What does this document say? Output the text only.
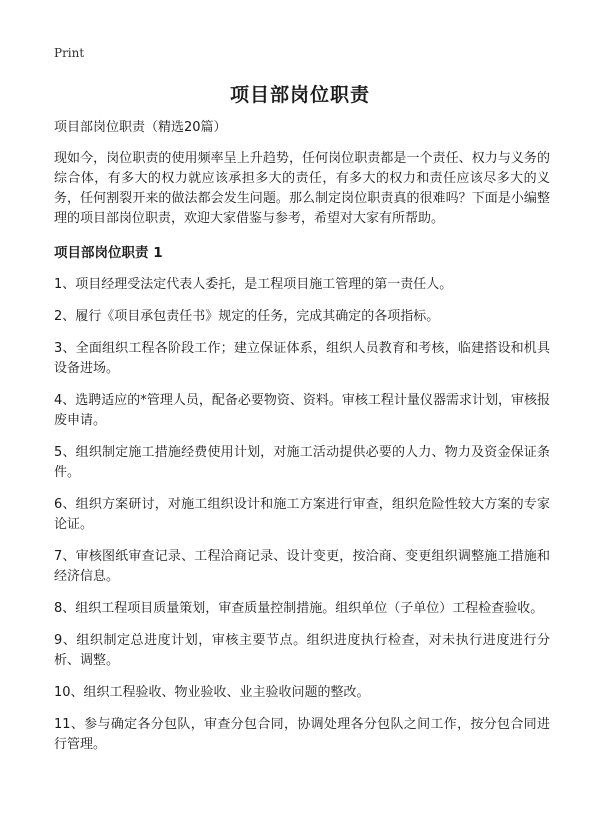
Print
项目部岗位职责

项目部岗位职责（精选20篇）

现如今，岗位职责的使用频率呈上升趋势，任何岗位职责都是一个责任、权力与义务的综合体，有多大的权力就应该承担多大的责任，有多大的权力和责任应该尽多大的义务，任何割裂开来的做法都会发生问题。那么制定岗位职责真的很难吗？下面是小编整理的项目部岗位职责，欢迎大家借鉴与参考，希望对大家有所帮助。

项目部岗位职责 1

1、项目经理受法定代表人委托，是工程项目施工管理的第一责任人。

2、履行《项目承包责任书》规定的任务，完成其确定的各项指标。

3、全面组织工程各阶段工作；建立保证体系，组织人员教育和考核，临建搭设和机具设备进场。

4、选聘适应的*管理人员，配备必要物资、资料。审核工程计量仪器需求计划，审核报废申请。

5、组织制定施工措施经费使用计划，对施工活动提供必要的人力、物力及资金保证条件。

6、组织方案研讨，对施工组织设计和施工方案进行审查，组织危险性较大方案的专家论证。

7、审核图纸审查记录、工程洽商记录、设计变更，按洽商、变更组织调整施工措施和经济信息。

8、组织工程项目质量策划，审查质量控制措施。组织单位（子单位）工程检查验收。

9、组织制定总进度计划，审核主要节点。组织进度执行检查，对未执行进度进行分析、调整。

10、组织工程验收、物业验收、业主验收问题的整改。

11、参与确定各分包队，审查分包合同，协调处理各分包队之间工作，按分包合同进行管理。
